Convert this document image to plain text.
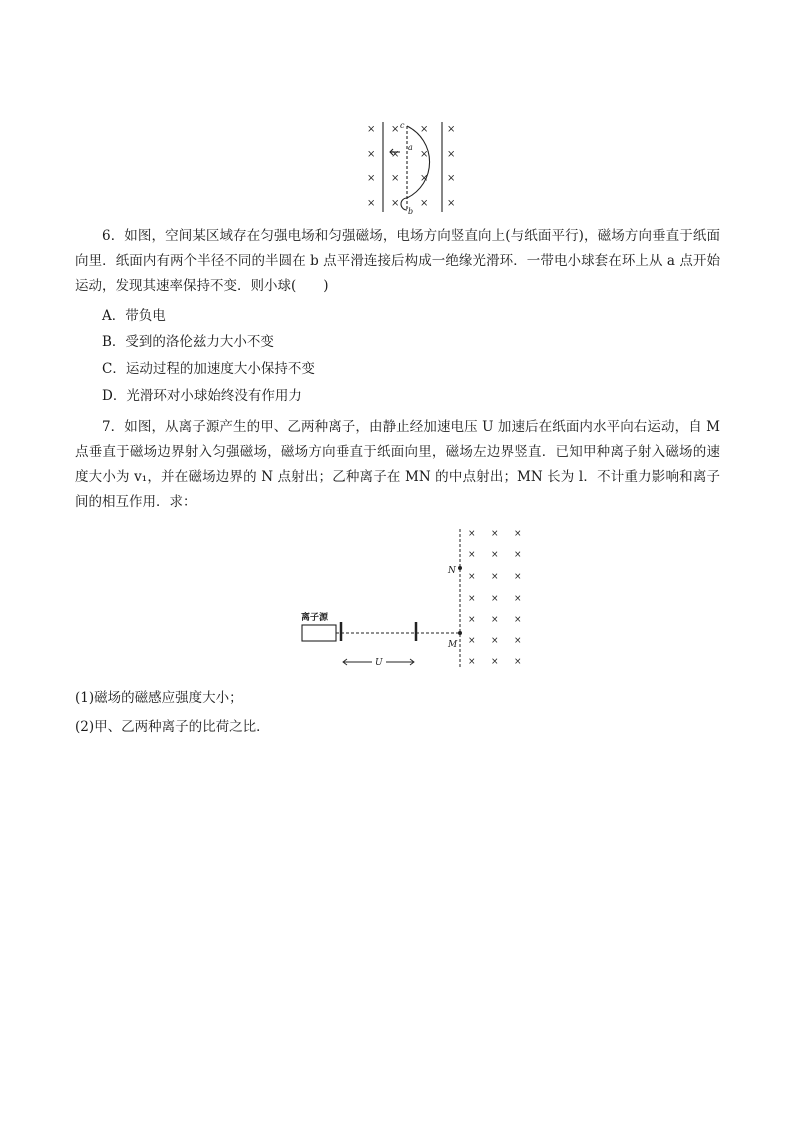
×
×
×
×
×
×
×
×
×
×
×
×
×
×
×
×
a
b
c

6．如图，空间某区域存在匀强电场和匀强磁场，电场方向竖直向上(与纸面平行)，磁场方向垂直于纸面向里．纸面内有两个半径不同的半圆在 b 点平滑连接后构成一绝缘光滑环．一带电小球套在环上从 a 点开始运动，发现其速率保持不变．则小球(　　)

A．带负电

B．受到的洛伦兹力大小不变

C．运动过程的加速度大小保持不变

D．光滑环对小球始终没有作用力

7．如图，从离子源产生的甲、乙两种离子，由静止经加速电压 U 加速后在纸面内水平向右运动，自 M 点垂直于磁场边界射入匀强磁场，磁场方向垂直于纸面向里，磁场左边界竖直．已知甲种离子射入磁场的速度大小为 v₁，并在磁场边界的 N 点射出；乙种离子在 MN 的中点射出；MN 长为 l．不计重力影响和离子间的相互作用．求：

× × ×
× × ×
× × ×
× × ×
× × ×
× × ×
× × ×
离子源
N
M
U

(1)磁场的磁感应强度大小；

(2)甲、乙两种离子的比荷之比．
